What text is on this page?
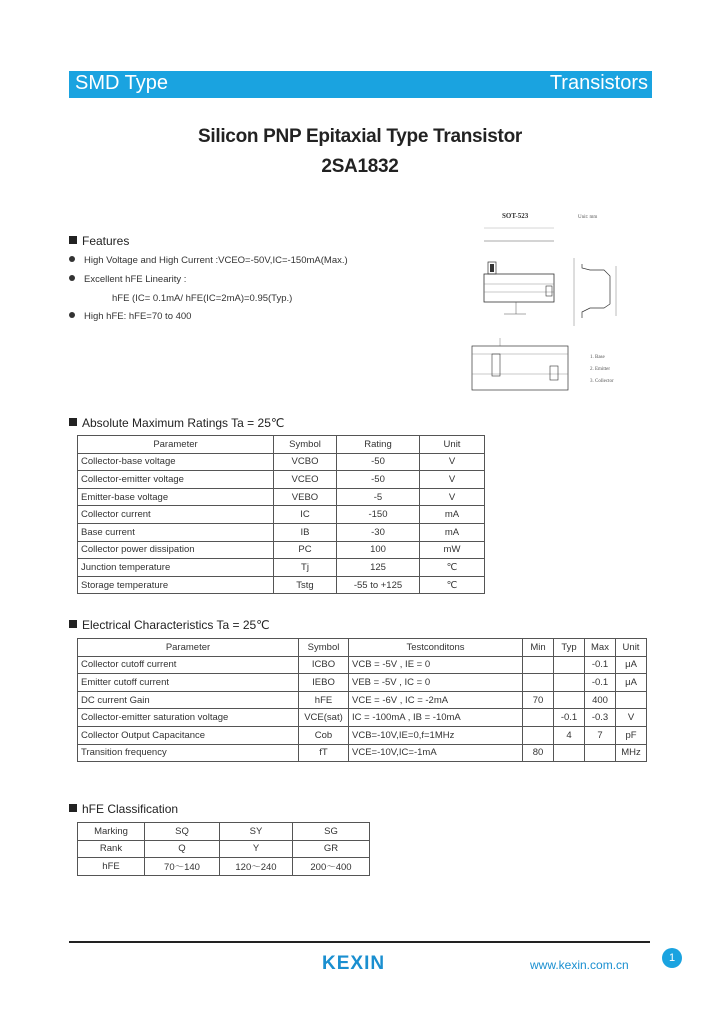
SMD Type	Transistors
Silicon PNP Epitaxial Type Transistor
2SA1832
Features
High Voltage and High Current :VCEO=-50V,IC=-150mA(Max.)
Excellent hFE Linearity :
hFE (IC= 0.1mA/ hFE(IC=2mA)=0.95(Typ.)
High hFE: hFE=70 to 400
SOT-523	Unit: mm
1. Base
2. Emitter
3. Collector
Absolute Maximum Ratings Ta = 25℃
Parameter	Symbol	Rating	Unit
Collector-base voltage	VCBO	-50	V
Collector-emitter voltage	VCEO	-50	V
Emitter-base voltage	VEBO	-5	V
Collector current	IC	-150	mA
Base current	IB	-30	mA
Collector power dissipation	PC	100	mW
Junction temperature	Tj	125	℃
Storage temperature	Tstg	-55 to +125	℃
Electrical Characteristics Ta = 25℃
Parameter	Symbol	Testconditons	Min	Typ	Max	Unit
Collector cutoff current	ICBO	VCB = -5V , IE = 0			-0.1	μA
Emitter cutoff current	IEBO	VEB = -5V , IC = 0			-0.1	μA
DC current Gain	hFE	VCE = -6V , IC = -2mA	70		400	
Collector-emitter saturation voltage	VCE(sat)	IC = -100mA , IB = -10mA		-0.1	-0.3	V
Collector Output Capacitance	Cob	VCB=-10V,IE=0,f=1MHz		4	7	pF
Transition frequency	fT	VCE=-10V,IC=-1mA	80			MHz
hFE Classification
Marking	SQ	SY	SG
Rank	Q	Y	GR
hFE	70～140	120～240	200～400
KEXIN	www.kexin.com.cn	1
